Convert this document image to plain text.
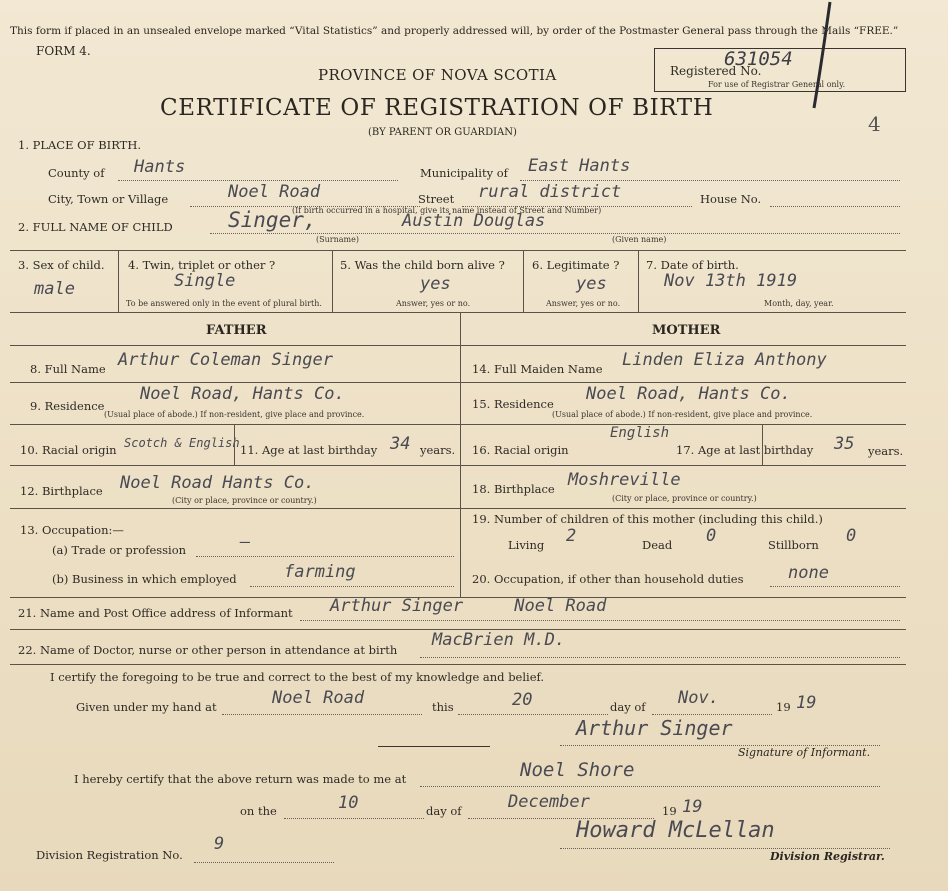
This form if placed in an unsealed envelope marked “Vital Statistics” and properly addressed will, by order of the Postmaster General pass through the Mails “FREE.”
FORM 4.
Registered No.
631054
For use of Registrar General only.
PROVINCE OF NOVA SCOTIA
CERTIFICATE OF REGISTRATION OF BIRTH
(BY PARENT OR GUARDIAN)	4
1. PLACE OF BIRTH.
County of Hants	Municipality of East Hants
City, Town or Village	Noel Road	Street rural district	House No.
(If birth occurred in a hospital, give its name instead of Street and Number)
2. FULL NAME OF CHILD	Singer,	Austin Douglas
(Surname)	(Given name)
3. Sex of child.
male
4. Twin, triplet or other ?
Single
To be answered only in the event of plural birth.
5. Was the child born alive ?
yes
Answer, yes or no.
6. Legitimate ?
yes
Answer, yes or no.
7. Date of birth.
Nov 13th 1919
Month, day, year.
FATHER	MOTHER
8. Full Name Arthur Coleman Singer
9. Residence
Noel Road, Hants Co.
(Usual place of abode.) If non-resident, give place and province.
10. Racial origin Scotch & English 11. Age at last birthday 34 years.
12. Birthplace Noel Road Hants Co.
(City or place, province or country.)
13. Occupation:—
(a) Trade or profession	—
(b) Business in which employed	farming
14. Full Maiden Name Linden Eliza Anthony
15. Residence Noel Road, Hants Co.
(Usual place of abode.) If non-resident, give place and province.
16. Racial origin
English
17. Age at last birthday 35 years.
18. Birthplace Moshreville
(City or place, province or country.)
19. Number of children of this mother (including this child.)
Living 2	Dead 0	Stillborn 0
20. Occupation, if other than household duties	none
21. Name and Post Office address of Informant Arthur Singer     Noel Road
22. Name of Doctor, nurse or other person in attendance at birth MacBrien M.D.
I certify the foregoing to be true and correct to the best of my knowledge and belief.
Given under my hand at	Noel Road	this	20	day of Nov.	19 19
Arthur Singer
Signature of Informant.
I hereby certify that the above return was made to me at	Noel Shore
on the	10	day of	December	19 19
Division Registration No.
9
Howard McLellan
Division Registrar.
